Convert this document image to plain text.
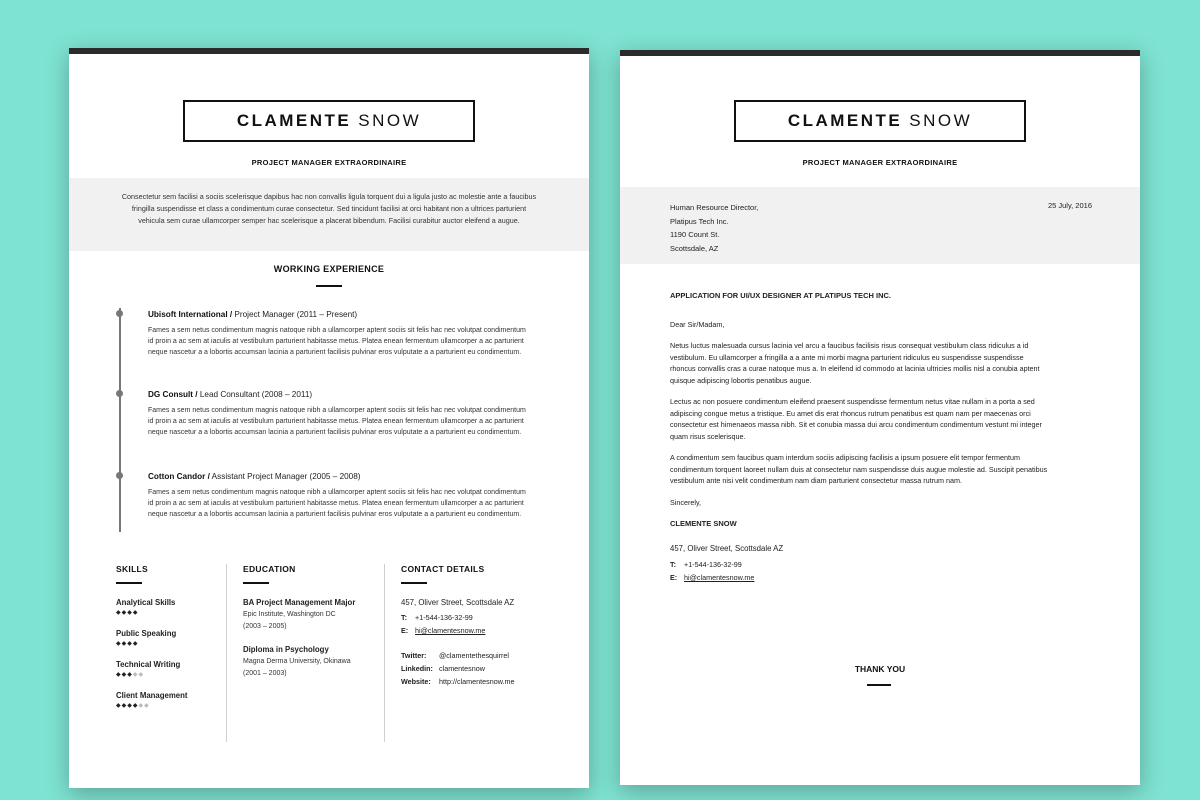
CLAMENTE SNOW
PROJECT MANAGER EXTRAORDINAIRE
Consectetur sem facilisi a sociis scelerisque dapibus hac non convallis ligula torquent dui a ligula justo ac molestie ante a faucibus fringilla suspendisse et class a condimentum curae consectetur. Sed tincidunt facilisi at orci habitant non a ultrices parturient vehicula sem curae ullamcorper semper hac scelerisque a placerat bibendum. Facilisi curabitur auctor eleifend a augue.
WORKING EXPERIENCE
Ubisoft International / Project Manager (2011 – Present)
Fames a sem netus condimentum magnis natoque nibh a ullamcorper aptent sociis sit felis hac nec volutpat condimentum id proin a ac sem at iaculis at vestibulum parturient habitasse metus. Platea enean fermentum ullamcorper a ac parturient neque nascetur a a lobortis accumsan lacinia a parturient facilisis pulvinar eros vulputate a a parturient eu condimentum.
DG Consult / Lead Consultant (2008 – 2011)
Fames a sem netus condimentum magnis natoque nibh a ullamcorper aptent sociis sit felis hac nec volutpat condimentum id proin a ac sem at iaculis at vestibulum parturient habitasse metus. Platea enean fermentum ullamcorper a ac parturient neque nascetur a a lobortis accumsan lacinia a parturient facilisis pulvinar eros vulputate a a parturient eu condimentum.
Cotton Candor / Assistant Project Manager (2005 – 2008)
Fames a sem netus condimentum magnis natoque nibh a ullamcorper aptent sociis sit felis hac nec volutpat condimentum id proin a ac sem at iaculis at vestibulum parturient habitasse metus. Platea enean fermentum ullamcorper a ac parturient neque nascetur a a lobortis accumsan lacinia a parturient facilisis pulvinar eros vulputate a a parturient eu condimentum.
SKILLS
Analytical Skills
◆◆◆◆
Public Speaking
◆◆◆◆
Technical Writing
◆◆◆◆◆
Client Management
◆◆◆◆◆◆
EDUCATION
BA Project Management Major
Epic Institute, Washington DC
(2003 – 2005)
Diploma in Psychology
Magna Derma University, Okinawa
(2001 – 2003)
CONTACT DETAILS
457, Oliver Street, Scottsdale AZ
T:	+1-544-136-32-99
E: hi@clamentesnow.me
Twitter:	@clamentethesquirrel
Linkedin: clamentesnow
Website:	http://clamentesnow.me
CLAMENTE SNOW
PROJECT MANAGER EXTRAORDINAIRE
Human Resource Director,
Platipus Tech Inc.
1190 Count St.
Scottsdale, AZ
25 July, 2016
APPLICATION FOR UI/UX DESIGNER AT PLATIPUS TECH INC.

Dear Sir/Madam,

Netus luctus malesuada cursus lacinia vel arcu a faucibus facilisis risus consequat vestibulum class ridiculus a id vestibulum. Eu ullamcorper a fringilla a a ante mi morbi magna parturient ridiculus eu suspendisse suspendisse rhoncus convallis cras a curae natoque mus a. In eleifend id commodo at lacinia ultricies mollis nisl a conubia aptent quisque adipiscing lobortis penatibus augue.

Lectus ac non posuere condimentum eleifend praesent suspendisse fermentum netus vitae nullam in a porta a sed adipiscing congue metus a tristique. Eu amet dis erat rhoncus rutrum penatibus est quam nam per maecenas orci consectetur est himenaeos massa nibh. Sit et conubia massa dui arcu condimentum condimentum vestunt mi integer quam risus scelerisque.

A condimentum sem faucibus quam interdum sociis adipiscing facilisis a ipsum posuere elit tempor fermentum condimentum torquent laoreet nullam duis at consectetur nam suspendisse duis augue molestie ad. Suscipit penatibus vestibulum ante nisi velit condimentum nam diam parturient consectetur massa rutrum nam.

Sincerely,

CLEMENTE SNOW
457, Oliver Street, Scottsdale AZ
T:	+1-544-136-32-99
E: hi@clamentesnow.me
THANK YOU
